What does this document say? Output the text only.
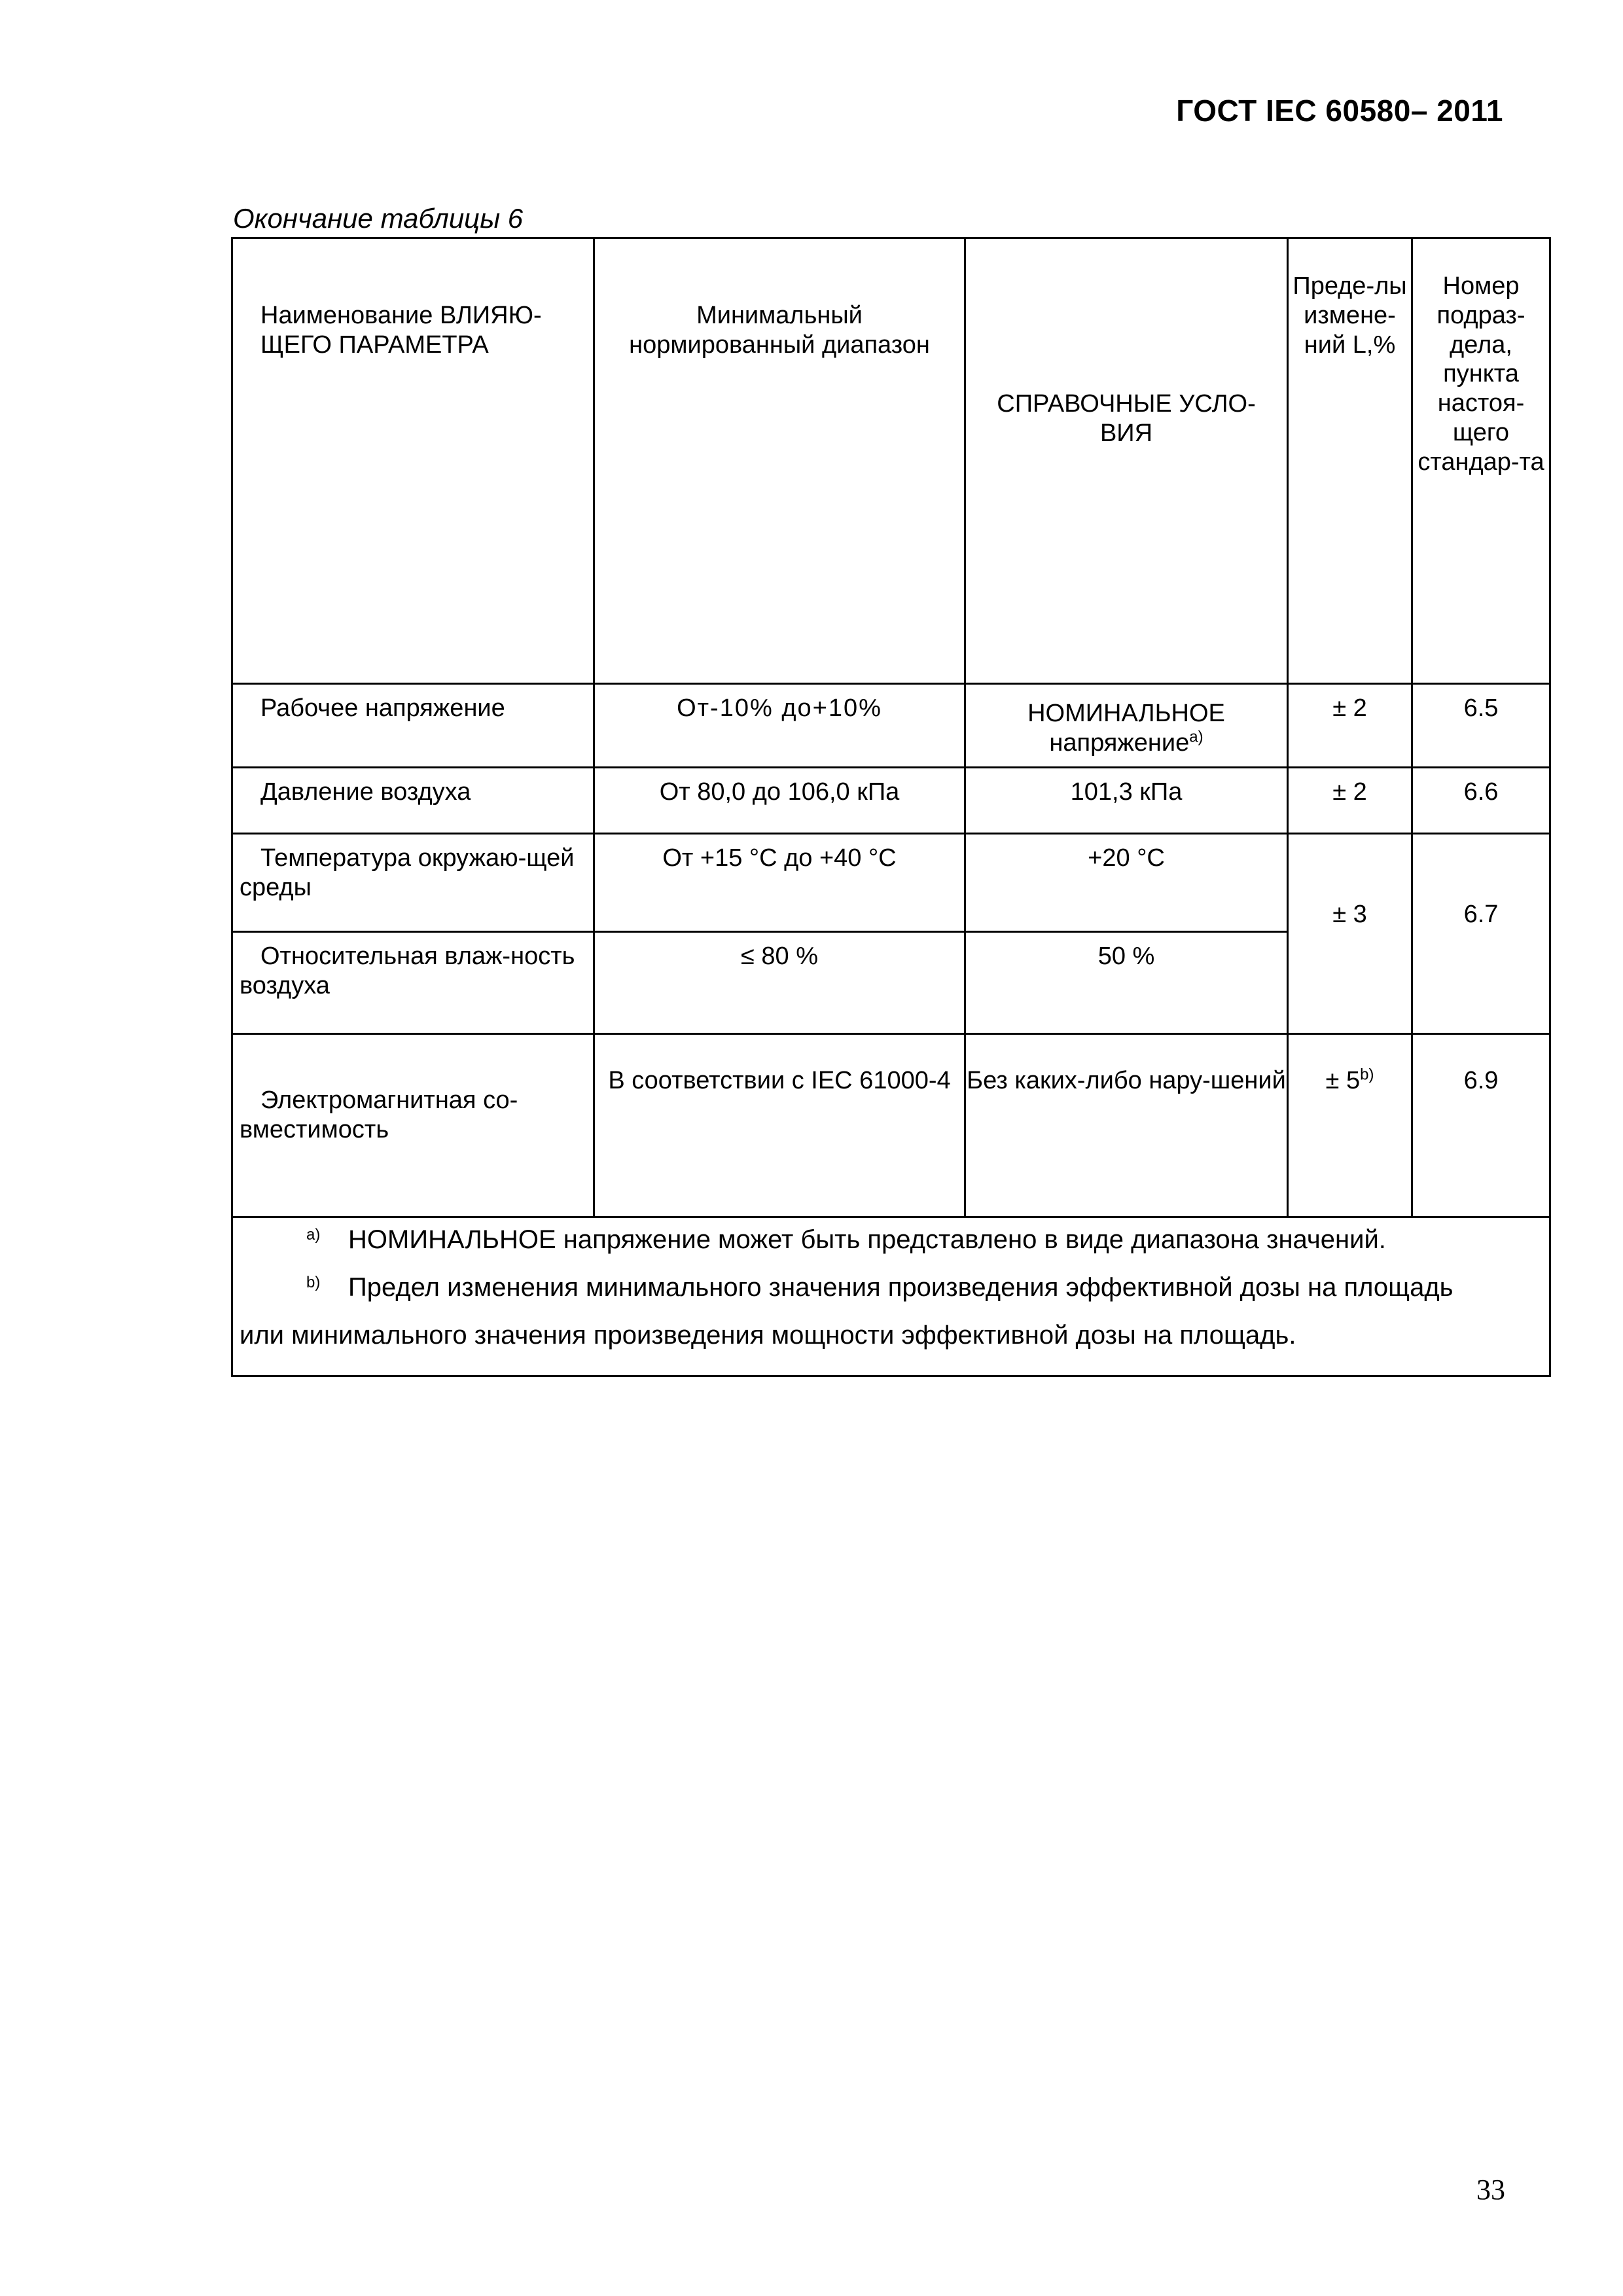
ГОСТ IEC 60580– 2011
Окончание таблицы 6
Наименование ВЛИЯЮ-ЩЕГО ПАРАМЕТРА	Минимальный нормированный диапазон	СПРАВОЧНЫЕ УСЛО-ВИЯ	Преде-лы измене-ний L,%	Номер подраз-дела, пункта настоя-щего стандар-та
Рабочее напряжение	От-10% до+10%	НОМИНАЛЬНОЕ напряжение$^{a)}$	± 2	6.5
Давление воздуха	От 80,0 до 106,0 кПа	101,3 кПа	± 2	6.6
Температура окружаю-щей среды	От +15 °С до +40 °С	+20 °С	± 3	6.7
Относительная влаж-ность воздуха	≤ 80 %	50 %		
Электромагнитная со-вместимость	В соответствии с IEC 61000-4	Без каких-либо нару-шений	± $5^{b)}$	6.9

a) НОМИНАЛЬНОЕ напряжение может быть представлено в виде диапазона значений.
b) Предел изменения минимального значения произведения эффективной дозы на площадь
или минимального значения произведения мощности эффективной дозы на площадь.				
33
